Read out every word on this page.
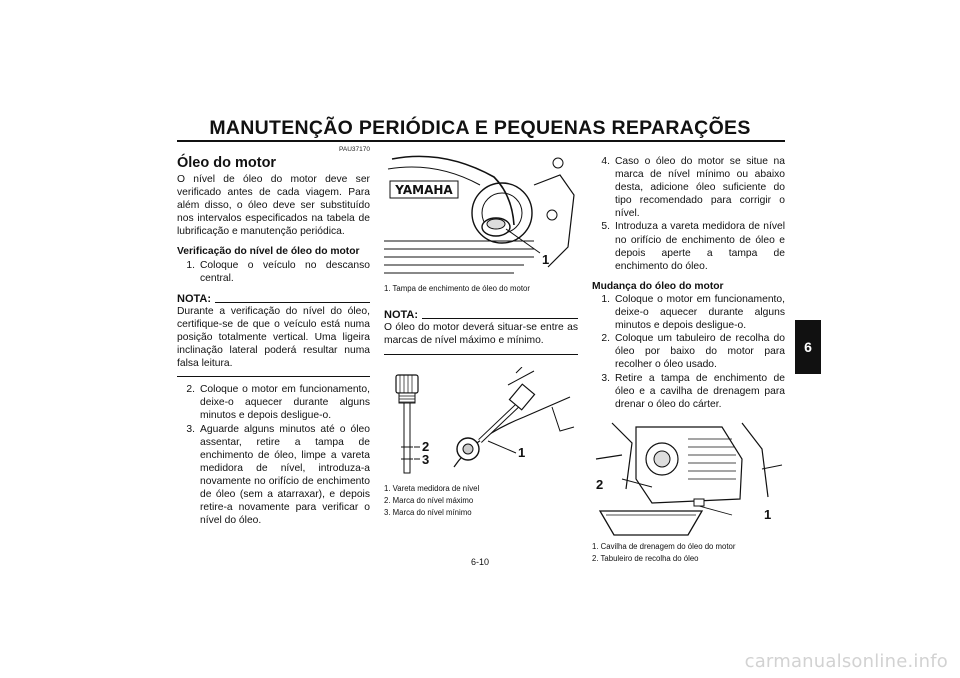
MANUTENÇÃO PERIÓDICA E PEQUENAS REPARAÇÕES
6
PAU37170
Óleo do motor

O nível de óleo do motor deve ser verificado antes de cada viagem. Para além disso, o óleo deve ser substituído nos intervalos especificados na tabela de lubrificação e manutenção periódica.

Verificação do nível de óleo do motor
1. Coloque o veículo no descanso central.
NOTA:

Durante a verificação do nível do óleo, certifique-se de que o veículo está numa posição totalmente vertical. Uma ligeira inclinação lateral poderá resultar numa falsa leitura.

2. Coloque o motor em funcionamento, deixe-o aquecer durante alguns minutos e depois desligue-o.
3. Aguarde alguns minutos até o óleo assentar, retire a tampa de enchimento de óleo, limpe a vareta medidora de nível, introduza-a novamente no orifício de enchimento de óleo (sem a atarraxar), e depois retire-a novamente para verificar o nível do óleo.
YAMAHA
1
1. Tampa de enchimento de óleo do motor
NOTA:

O óleo do motor deverá situar-se entre as marcas de nível máximo e mínimo.

1
2
3
1. Vareta medidora de nível
2. Marca do nível máximo
3. Marca do nível mínimo
4. Caso o óleo do motor se situe na marca de nível mínimo ou abaixo desta, adicione óleo suficiente do tipo recomendado para corrigir o nível.
5. Introduza a vareta medidora de nível no orifício de enchimento de óleo e depois aperte a tampa de enchimento do óleo.
Mudança do óleo do motor
1. Coloque o motor em funcionamento, deixe-o aquecer durante alguns minutos e depois desligue-o.
2. Coloque um tabuleiro de recolha do óleo por baixo do motor para recolher o óleo usado.
3. Retire a tampa de enchimento de óleo e a cavilha de drenagem para drenar o óleo do cárter.
2
1
1. Cavilha de drenagem do óleo do motor
2. Tabuleiro de recolha do óleo
6-10
carmanualsonline.info
